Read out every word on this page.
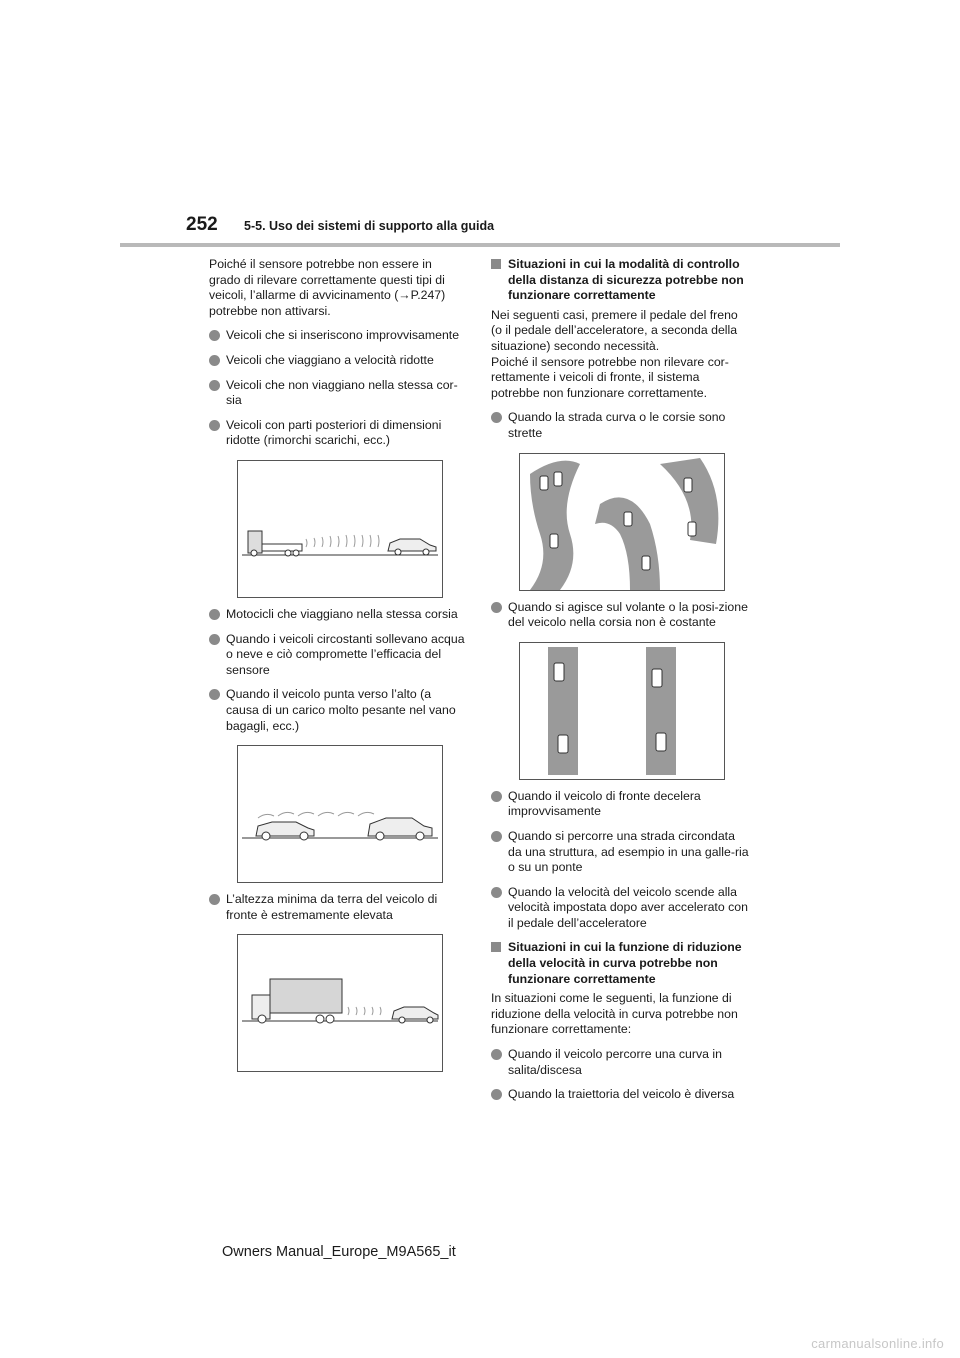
252 5-5. Uso dei sistemi di supporto alla guida

Poiché il sensore potrebbe non essere in grado di rilevare correttamente questi tipi di veicoli, l’allarme di avvicinamento (→P.247) potrebbe non attivarsi.

Veicoli che si inseriscono improvvisamente
Veicoli che viaggiano a velocità ridotte
Veicoli che non viaggiano nella stessa cor-sia
Veicoli con parti posteriori di dimensioni ridotte (rimorchi scarichi, ecc.)
Motocicli che viaggiano nella stessa corsia
Quando i veicoli circostanti sollevano acqua o neve e ciò compromette l’efficacia del sensore
Quando il veicolo punta verso l’alto (a causa di un carico molto pesante nel vano bagagli, ecc.)
L’altezza minima da terra del veicolo di fronte è estremamente elevata
Situazioni in cui la modalità di controllo della distanza di sicurezza potrebbe non funzionare correttamente

Nei seguenti casi, premere il pedale del freno (o il pedale dell’acceleratore, a seconda della situazione) secondo necessità.

Poiché il sensore potrebbe non rilevare cor-rettamente i veicoli di fronte, il sistema potrebbe non funzionare correttamente.

Quando la strada curva o le corsie sono strette
Quando si agisce sul volante o la posi-zione del veicolo nella corsia non è costante
Quando il veicolo di fronte decelera improvvisamente
Quando si percorre una strada circondata da una struttura, ad esempio in una galle-ria o su un ponte
Quando la velocità del veicolo scende alla velocità impostata dopo aver accelerato con il pedale dell’acceleratore
Situazioni in cui la funzione di riduzione della velocità in curva potrebbe non funzionare correttamente

In situazioni come le seguenti, la funzione di riduzione della velocità in curva potrebbe non funzionare correttamente:

Quando il veicolo percorre una curva in salita/discesa
Quando la traiettoria del veicolo è diversa
Owners Manual_Europe_M9A565_it
carmanualsonline.info
